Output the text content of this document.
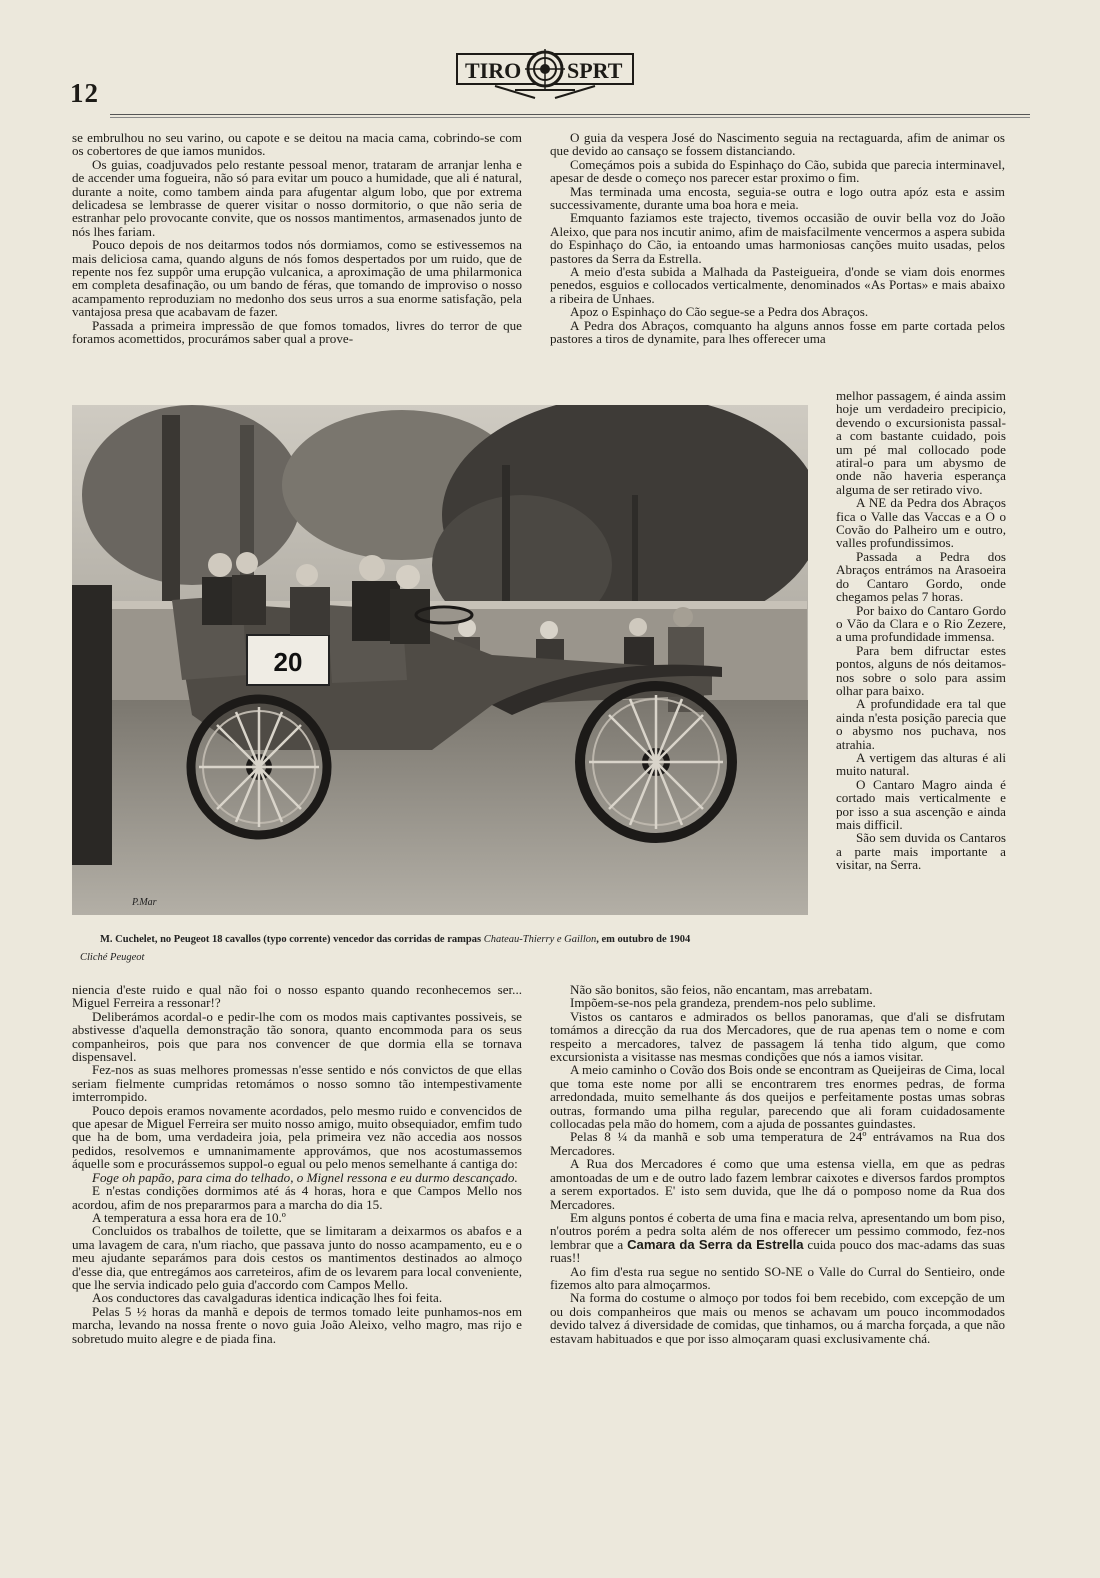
12
TIRO SPRT

se embrulhou no seu varino, ou capote e se deitou na macia cama, cobrindo-se com os cobertores de que iamos munidos.

Os guias, coadjuvados pelo restante pessoal menor, trataram de arranjar lenha e de accender uma fogueira, não só para evitar um pouco a humidade, que ali é natural, durante a noite, como tambem ainda para afugentar algum lobo, que por extrema delicadesa se lembrasse de querer visitar o nosso dormitorio, o que não seria de estranhar pelo provocante convite, que os nossos mantimentos, armasenados junto de nós lhes fariam.

Pouco depois de nos deitarmos todos nós dormiamos, como se estivessemos na mais deliciosa cama, quando alguns de nós fomos despertados por um ruido, que de repente nos fez suppôr uma erupção vulcanica, a aproximação de uma philarmonica em completa desafinação, ou um bando de féras, que tomando de improviso o nosso acampamento reproduziam no medonho dos seus urros a sua enorme satisfação, pela vantajosa presa que acabavam de fazer.

Passada a primeira impressão de que fomos tomados, livres do terror de que foramos acomettidos, procurámos saber qual a prove-

O guia da vespera José do Nascimento seguia na rectaguarda, afim de animar os que devido ao cansaço se fossem distanciando.

Começámos pois a subida do Espinhaço do Cão, subida que parecia interminavel, apesar de desde o começo nos parecer estar proximo o fim.

Mas terminada uma encosta, seguia-se outra e logo outra apóz esta e assim successivamente, durante uma boa hora e meia.

Emquanto faziamos este trajecto, tivemos occasião de ouvir bella voz do João Aleixo, que para nos incutir animo, afim de maisfacilmente vencermos a aspera subida do Espinhaço do Cão, ia entoando umas harmoniosas canções muito usadas, pelos pastores da Serra da Estrella.

A meio d'esta subida a Malhada da Pasteigueira, d'onde se viam dois enormes penedos, esguios e collocados verticalmente, denominados «As Portas» e mais abaixo a ribeira de Unhaes.

Apoz o Espinhaço do Cão segue-se a Pedra dos Abraços.

A Pedra dos Abraços, comquanto ha alguns annos fosse em parte cortada pelos pastores a tiros de dynamite, para lhes offerecer uma

melhor passagem, é ainda assim hoje um verdadeiro precipicio, devendo o excursionista passal-a com bastante cuidado, pois um pé mal collocado pode atiral-o para um abysmo de onde não haveria esperança alguma de ser retirado vivo.

A NE da Pedra dos Abraços fica o Valle das Vaccas e a O o Covão do Palheiro um e outro, valles profundissimos.

Passada a Pedra dos Abraços entrámos na Arasoeira do Cantaro Gordo, onde chegamos pelas 7 horas.

Por baixo do Cantaro Gordo o Vão da Clara e o Rio Zezere, a uma profundidade immensa.

Para bem difructar estes pontos, alguns de nós deitamos-nos sobre o solo para assim olhar para baixo.

A profundidade era tal que ainda n'esta posição parecia que o abysmo nos puchava, nos atrahia.

A vertigem das alturas é ali muito natural.

O Cantaro Magro ainda é cortado mais verticalmente e por isso a sua ascenção e ainda mais difficil.

São sem duvida os Cantaros a parte mais importante a visitar, na Serra.

20
P.Mar
M. Cuchelet, no Peugeot 18 cavallos (typo corrente) vencedor das corridas de rampas Chateau-Thierry e Gaillon, em outubro de 1904
Cliché Peugeot

niencia d'este ruido e qual não foi o nosso espanto quando reconhecemos ser... Miguel Ferreira a ressonar!?

Deliberámos acordal-o e pedir-lhe com os modos mais captivantes possiveis, se abstivesse d'aquella demonstração tão sonora, quanto encommoda para os seus companheiros, pois que para nos convencer de que dormia ella se tornava dispensavel.

Fez-nos as suas melhores promessas n'esse sentido e nós convictos de que ellas seriam fielmente cumpridas retomámos o nosso somno tão intempestivamente imterrompido.

Pouco depois eramos novamente acordados, pelo mesmo ruido e convencidos de que apesar de Miguel Ferreira ser muito nosso amigo, muito obsequiador, emfim tudo que ha de bom, uma verdadeira joia, pela primeira vez não accedia aos nossos pedidos, resolvemos e umnanimamente approvámos, que nos acostumassemos áquelle som e procurássemos suppol-o egual ou pelo menos semelhante á cantiga do:

Foge oh papão, para cima do telhado, o Mignel ressona e eu durmo descançado.

E n'estas condições dormimos até ás 4 horas, hora e que Campos Mello nos acordou, afim de nos prepararmos para a marcha do dia 15.

A temperatura a essa hora era de 10.º

Concluidos os trabalhos de toilette, que se limitaram a deixarmos os abafos e a uma lavagem de cara, n'um riacho, que passava junto do nosso acampamento, eu e o meu ajudante separámos para dois cestos os mantimentos destinados ao almoço d'esse dia, que entregámos aos carreteiros, afim de os levarem para local conveniente, que lhe servia indicado pelo guia d'accordo com Campos Mello.

Aos conductores das cavalgaduras identica indicação lhes foi feita.

Pelas 5 ½ horas da manhã e depois de termos tomado leite punhamos-nos em marcha, levando na nossa frente o novo guia João Aleixo, velho magro, mas rijo e sobretudo muito alegre e de piada fina.

Não são bonitos, são feios, não encantam, mas arrebatam.

Impõem-se-nos pela grandeza, prendem-nos pelo sublime.

Vistos os cantaros e admirados os bellos panoramas, que d'ali se disfrutam tomámos a direcção da rua dos Mercadores, que de rua apenas tem o nome e com respeito a mercadores, talvez de passagem lá tenha tido algum, que como excursionista a visitasse nas mesmas condições que nós a iamos visitar.

A meio caminho o Covão dos Bois onde se encontram as Queijeiras de Cima, local que toma este nome por alli se encontrarem tres enormes pedras, de forma arredondada, muito semelhante ás dos queijos e perfeitamente postas umas sobras outras, formando uma pilha regular, parecendo que ali foram cuidadosamente collocadas pela mão do homem, com a ajuda de possantes guindastes.

Pelas 8 ¼ da manhã e sob uma temperatura de 24º entrávamos na Rua dos Mercadores.

A Rua dos Mercadores é como que uma estensa viella, em que as pedras amontoadas de um e de outro lado fazem lembrar caixotes e diversos fardos promptos a serem exportados. E' isto sem duvida, que lhe dá o pomposo nome da Rua dos Mercadores.

Em alguns pontos é coberta de uma fina e macia relva, apresentando um bom piso, n'outros porém a pedra solta além de nos offerecer um pessimo commodo, fez-nos lembrar que a Camara da Serra da Estrella cuida pouco dos mac-adams das suas ruas!!

Ao fim d'esta rua segue no sentido SO-NE o Valle do Curral do Sentieiro, onde fizemos alto para almoçarmos.

Na forma do costume o almoço por todos foi bem recebido, com excepção de um ou dois companheiros que mais ou menos se achavam um pouco incommodados devido talvez á diversidade de comidas, que tinhamos, ou á marcha forçada, a que não estavam habituados e que por isso almoçaram quasi exclusivamente chá.
